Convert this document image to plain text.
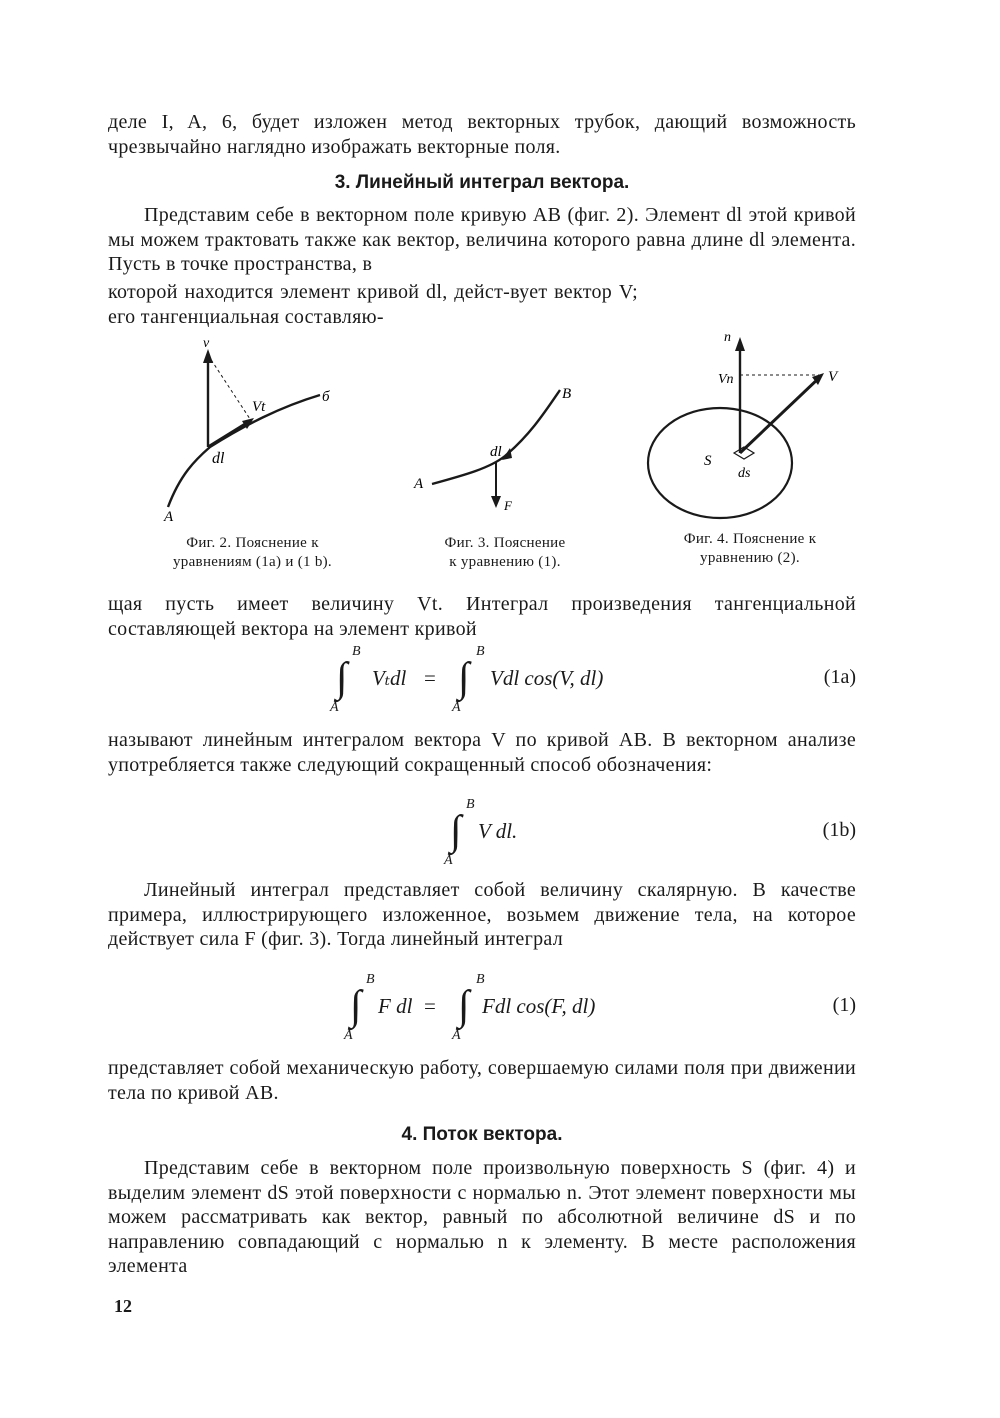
деле I, A, 6, будет изложен метод векторных трубок, дающий возможность чрезвычайно наглядно изображать векторные поля.

3. Линейный интеграл вектора.

Представим себе в векторном поле кривую AB (фиг. 2). Элемент dl этой кривой мы можем трактовать также как вектор, величина которого равна длине dl элемента. Пусть в точке пространства, в

которой находится элемент кривой dl, дейст-вует вектор V; его тангенциальная составляю-

v
Vt
б
dl
A
Фиг. 2. Пояснение к
уравнениям (1a) и (1 b).
B
dl
A
F
Фиг. 3. Пояснение
к уравнению (1).
n
Vn	V
S
ds
Фиг. 4. Пояснение к
уравнению (2).

щая пусть имеет величину Vt. Интеграл произведения тангенциальной составляющей вектора на элемент кривой

B
∫
A
Vₜdl =
B
∫
A
Vdl cos(V, dl)	(1a)

называют линейным интегралом вектора V по кривой AB. В векторном анализе употребляется также следующий сокращенный способ обозначения:

B
∫
A
V dl.	(1b)

Линейный интеграл представляет собой величину скалярную. В качестве примера, иллюстрирующего изложенное, возьмем движение тела, на которое действует сила F (фиг. 3). Тогда линейный интеграл

B
∫
A
F dl =
B
∫
A
Fdl cos(F, dl)	(1)

представляет собой механическую работу, совершаемую силами поля при движении тела по кривой AB.

4. Поток вектора.

Представим себе в векторном поле произвольную поверхность S (фиг. 4) и выделим элемент dS этой поверхности с нормалью n. Этот элемент поверхности мы можем рассматривать как вектор, равный по абсолютной величине dS и по направлению совпадающий с нормалью n к элементу. В месте расположения элемента

12
